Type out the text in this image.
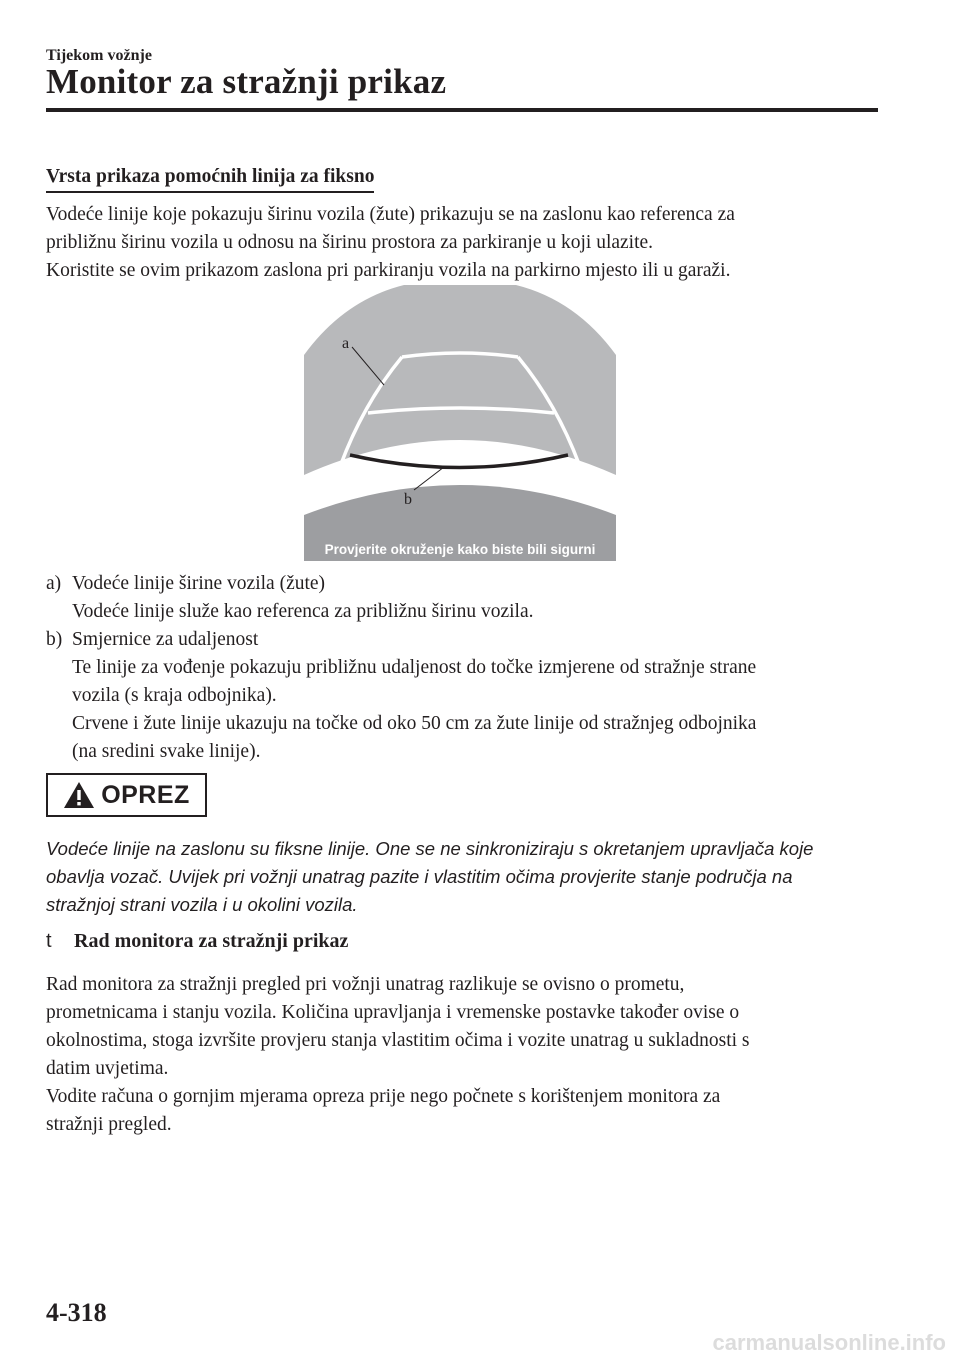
Tijekom vožnje
Monitor za stražnji prikaz
Vrsta prikaza pomoćnih linija za fiksno

Vodeće linije koje pokazuju širinu vozila (žute) prikazuju se na zaslonu kao referenca za

približnu širinu vozila u odnosu na širinu prostora za parkiranje u koji ulazite.

Koristite se ovim prikazom zaslona pri parkiranju vozila na parkirno mjesto ili u garaži.

a
b
Provjerite okruženje kako biste bili sigurni
a) Vodeće linije širine vozila (žute)
Vodeće linije služe kao referenca za približnu širinu vozila.
b) Smjernice za udaljenost
Te linije za vođenje pokazuju približnu udaljenost do točke izmjerene od stražnje strane
vozila (s kraja odbojnika).
Crvene i žute linije ukazuju na točke od oko 50 cm za žute linije od stražnjeg odbojnika
(na sredini svake linije).
OPREZ
Vodeće linije na zaslonu su fiksne linije. One se ne sinkroniziraju s okretanjem upravljača koje
obavlja vozač. Uvijek pri vožnji unatrag pazite i vlastitim očima provjerite stanje područja na
stražnjoj strani vozila i u okolini vozila.
t Rad monitora za stražnji prikaz

Rad monitora za stražnji pregled pri vožnji unatrag razlikuje se ovisno o prometu,

prometnicama i stanju vozila. Količina upravljanja i vremenske postavke također ovise o

okolnostima, stoga izvršite provjeru stanja vlastitim očima i vozite unatrag u sukladnosti s

datim uvjetima.

Vodite računa o gornjim mjerama opreza prije nego počnete s korištenjem monitora za

stražnji pregled.

4-318
carmanualsonline.info
